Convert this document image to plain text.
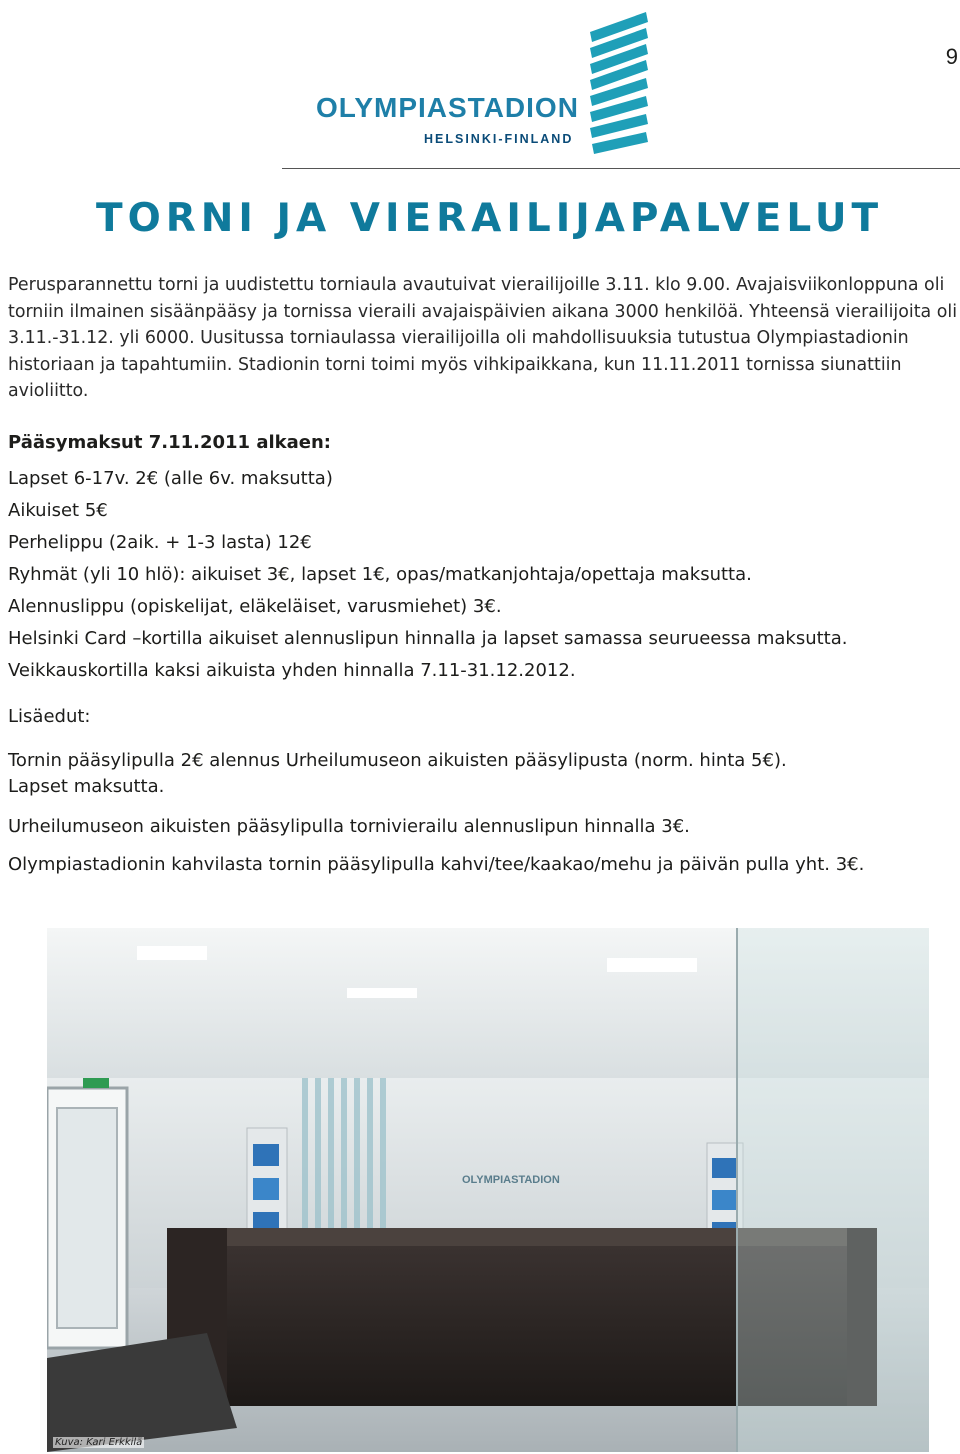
9
OLYMPIASTADION
HELSINKI-FINLAND
TORNI JA VIERAILIJAPALVELUT

Perusparannettu torni ja uudistettu torniaula avautuivat vierailijoille 3.11. klo 9.00. Avajaisviikonloppuna oli torniin ilmainen sisäänpääsy ja tornissa vieraili avajaispäivien aikana 3000 henkilöä. Yhteensä vierailijoita oli 3.11.-31.12. yli 6000. Uusitussa torniaulassa vierailijoilla oli mahdollisuuksia tutustua Olympiastadionin historiaan ja tapahtumiin. Stadionin torni toimi myös vihkipaikkana, kun 11.11.2011 tornissa siunattiin avioliitto.

Pääsymaksut 7.11.2011 alkaen:

Lapset 6-17v. 2€ (alle 6v. maksutta)

Aikuiset 5€

Perhelippu (2aik. + 1-3 lasta) 12€

Ryhmät (yli 10 hlö): aikuiset 3€, lapset 1€, opas/matkanjohtaja/opettaja maksutta.

Alennuslippu (opiskelijat, eläkeläiset, varusmiehet) 3€.

Helsinki Card –kortilla aikuiset alennuslipun hinnalla ja lapset samassa seurueessa maksutta.

Veikkauskortilla kaksi aikuista yhden hinnalla 7.11-31.12.2012.

Lisäedut:

Tornin pääsylipulla 2€ alennus Urheilumuseon aikuisten pääsylipusta (norm. hinta 5€).

Lapset maksutta.

Urheilumuseon aikuisten pääsylipulla tornivierailu alennuslipun hinnalla 3€.

Olympiastadionin kahvilasta tornin pääsylipulla kahvi/tee/kaakao/mehu ja päivän pulla yht. 3€.

OLYMPIASTADION
Kuva: Kari Erkkilä
